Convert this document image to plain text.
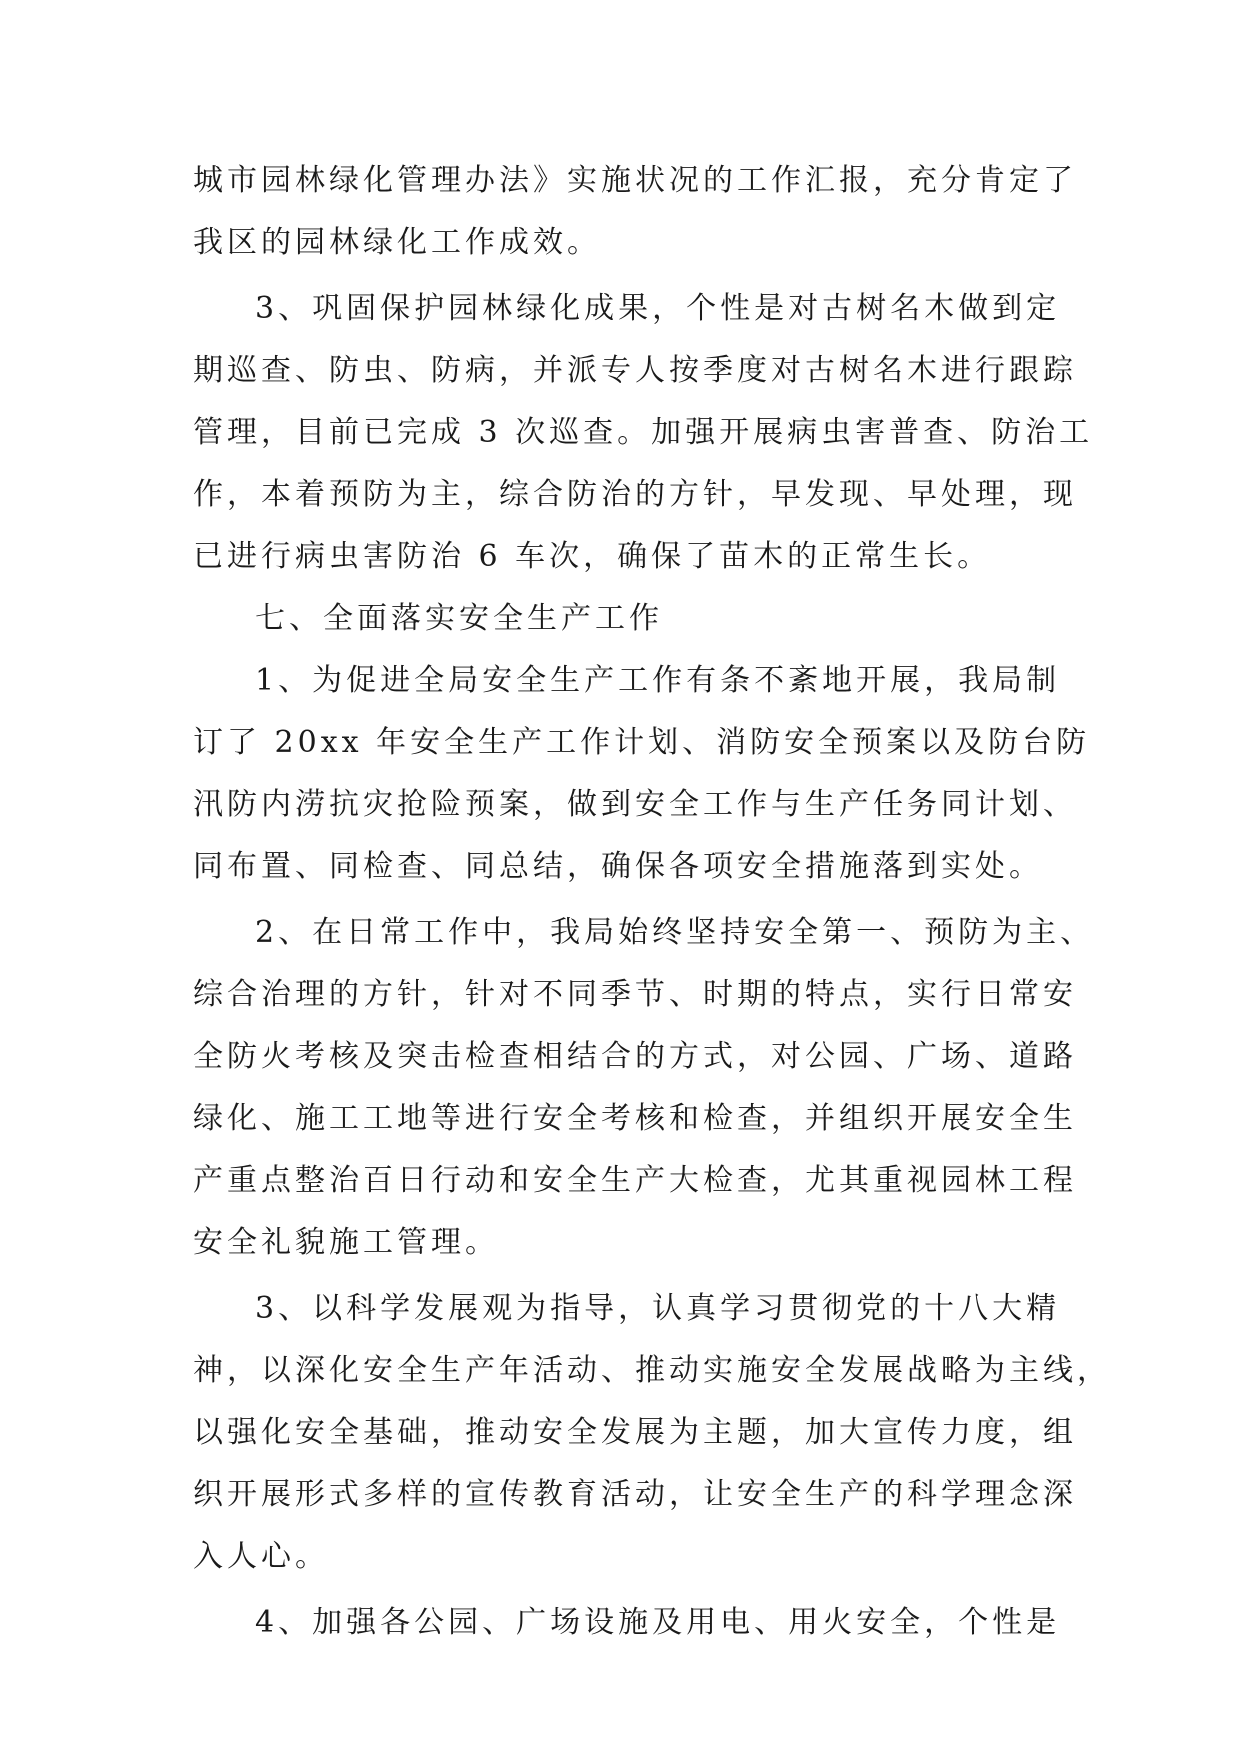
城市园林绿化管理办法》实施状况的工作汇报，充分肯定了
我区的园林绿化工作成效。
3、巩固保护园林绿化成果，个性是对古树名木做到定
期巡查、防虫、防病，并派专人按季度对古树名木进行跟踪
管理，目前已完成 3 次巡查。加强开展病虫害普查、防治工
作，本着预防为主，综合防治的方针，早发现、早处理，现
已进行病虫害防治 6 车次，确保了苗木的正常生长。
七、全面落实安全生产工作
1、为促进全局安全生产工作有条不紊地开展，我局制
订了 20xx 年安全生产工作计划、消防安全预案以及防台防
汛防内涝抗灾抢险预案，做到安全工作与生产任务同计划、
同布置、同检查、同总结，确保各项安全措施落到实处。
2、在日常工作中，我局始终坚持安全第一、预防为主、
综合治理的方针，针对不同季节、时期的特点，实行日常安
全防火考核及突击检查相结合的方式，对公园、广场、道路
绿化、施工工地等进行安全考核和检查，并组织开展安全生
产重点整治百日行动和安全生产大检查，尤其重视园林工程
安全礼貌施工管理。
3、以科学发展观为指导，认真学习贯彻党的十八大精
神，以深化安全生产年活动、推动实施安全发展战略为主线，
以强化安全基础，推动安全发展为主题，加大宣传力度，组
织开展形式多样的宣传教育活动，让安全生产的科学理念深
入人心。
4、加强各公园、广场设施及用电、用火安全，个性是
